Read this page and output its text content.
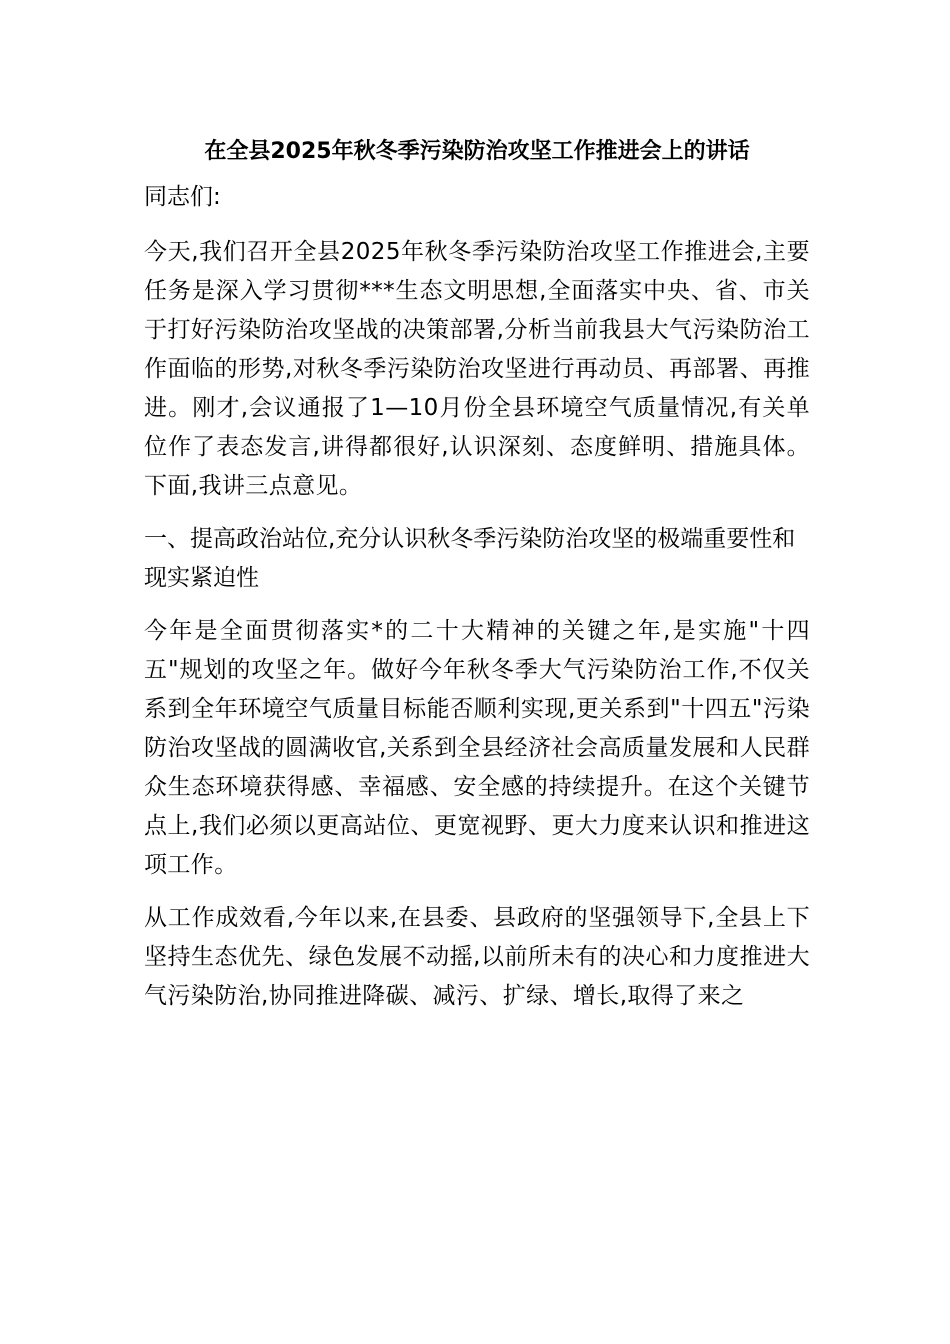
在全县2025年秋冬季污染防治攻坚工作推进会上的讲话
同志们:
今天,我们召开全县2025年秋冬季污染防治攻坚工作推进会,主要任务是深入学习贯彻***生态文明思想,全面落实中央、省、市关于打好污染防治攻坚战的决策部署,分析当前我县大气污染防治工作面临的形势,对秋冬季污染防治攻坚进行再动员、再部署、再推进。刚才,会议通报了1—10月份全县环境空气质量情况,有关单位作了表态发言,讲得都很好,认识深刻、态度鲜明、措施具体。下面,我讲三点意见。
一、提高政治站位,充分认识秋冬季污染防治攻坚的极端重要性和现实紧迫性
今年是全面贯彻落实*的二十大精神的关键之年,是实施"十四五"规划的攻坚之年。做好今年秋冬季大气污染防治工作,不仅关系到全年环境空气质量目标能否顺利实现,更关系到"十四五"污染防治攻坚战的圆满收官,关系到全县经济社会高质量发展和人民群众生态环境获得感、幸福感、安全感的持续提升。在这个关键节点上,我们必须以更高站位、更宽视野、更大力度来认识和推进这项工作。
从工作成效看,今年以来,在县委、县政府的坚强领导下,全县上下坚持生态优先、绿色发展不动摇,以前所未有的决心和力度推进大气污染防治,协同推进降碳、减污、扩绿、增长,取得了来之
